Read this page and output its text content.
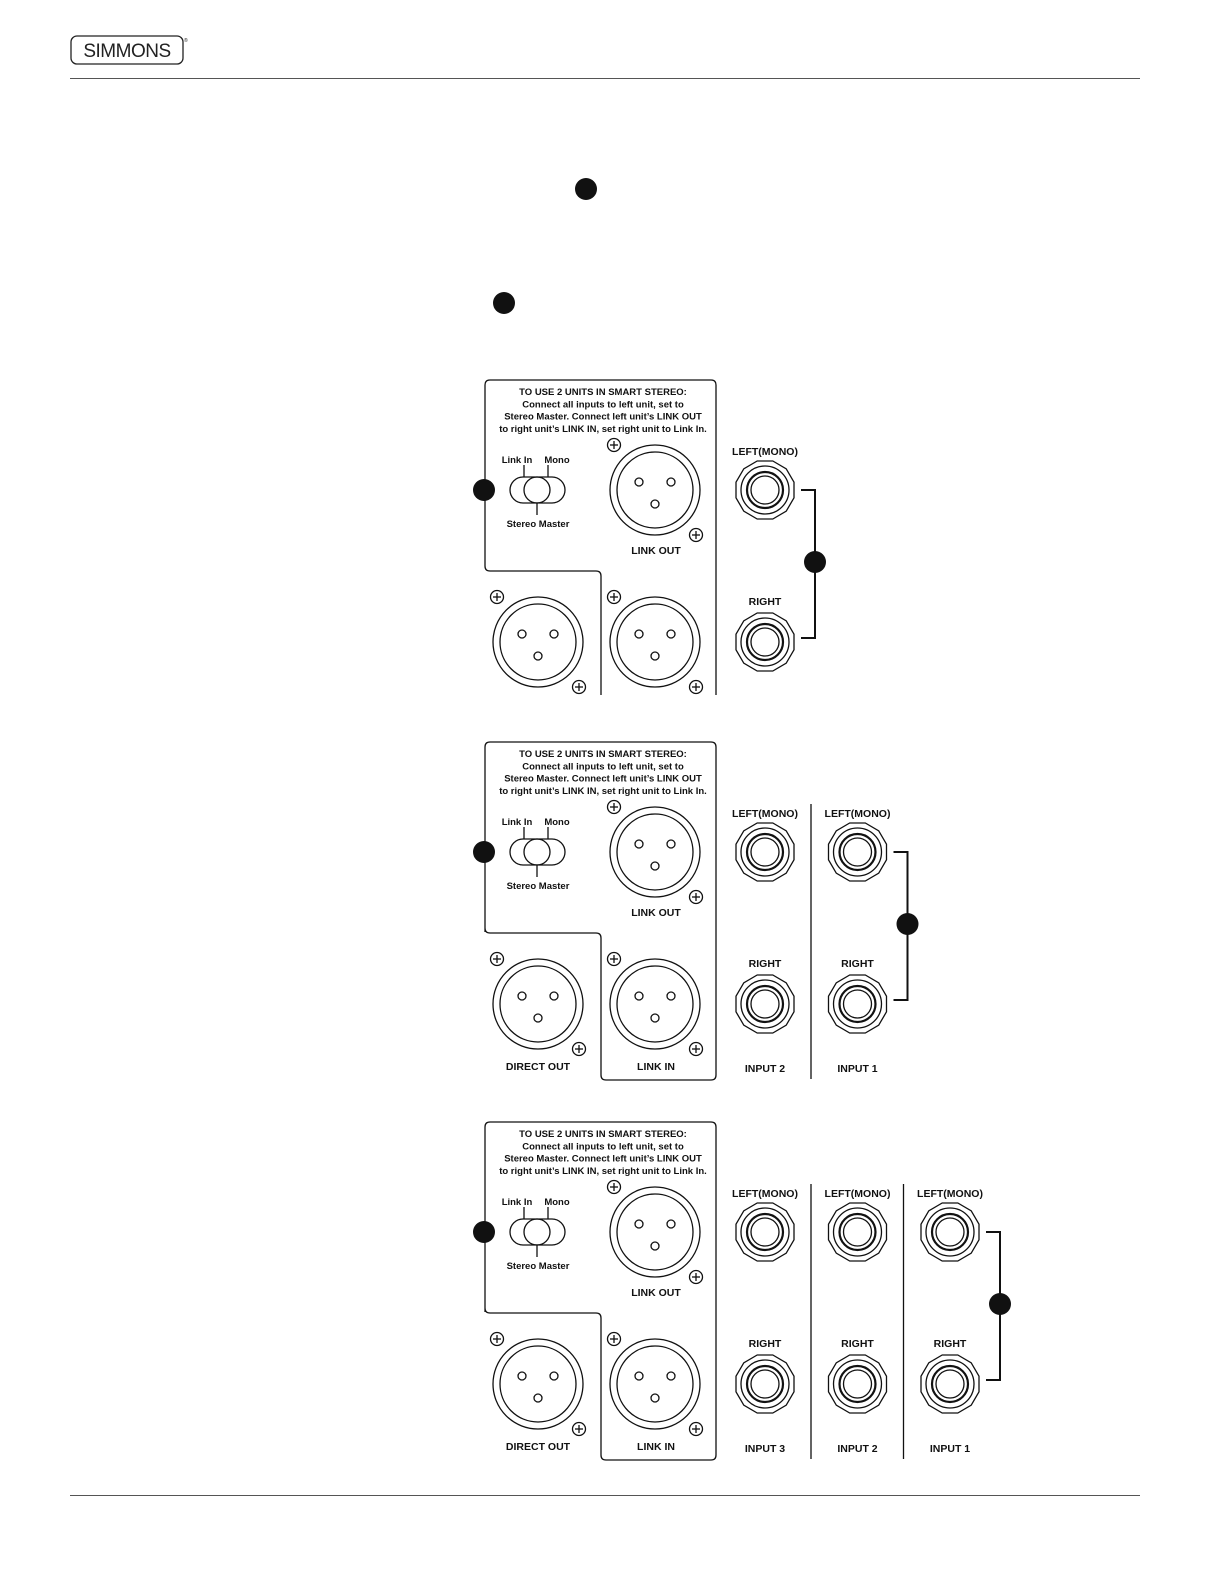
SIMMONS	®
TO USE 2 UNITS IN SMART STEREO:
Connect all inputs to left unit, set to
Stereo Master. Connect left unit’s LINK OUT
to right unit’s LINK IN, set right unit to Link In.
Link In Mono
Stereo Master
LINK OUT
LEFT(MONO)
RIGHT
TO USE 2 UNITS IN SMART STEREO:
Connect all inputs to left unit, set to
Stereo Master. Connect left unit’s LINK OUT
to right unit’s LINK IN, set right unit to Link In.
Link In Mono
Stereo Master
LINK OUT
DIRECT OUT	LINK IN
LEFT(MONO)
RIGHT
INPUT 2
LEFT(MONO)
RIGHT
INPUT 1
TO USE 2 UNITS IN SMART STEREO:
Connect all inputs to left unit, set to
Stereo Master. Connect left unit’s LINK OUT
to right unit’s LINK IN, set right unit to Link In.
Link In Mono
Stereo Master
LINK OUT
DIRECT OUT	LINK IN
LEFT(MONO)
RIGHT
INPUT 3
LEFT(MONO)
RIGHT
INPUT 2
LEFT(MONO)
RIGHT
INPUT 1
